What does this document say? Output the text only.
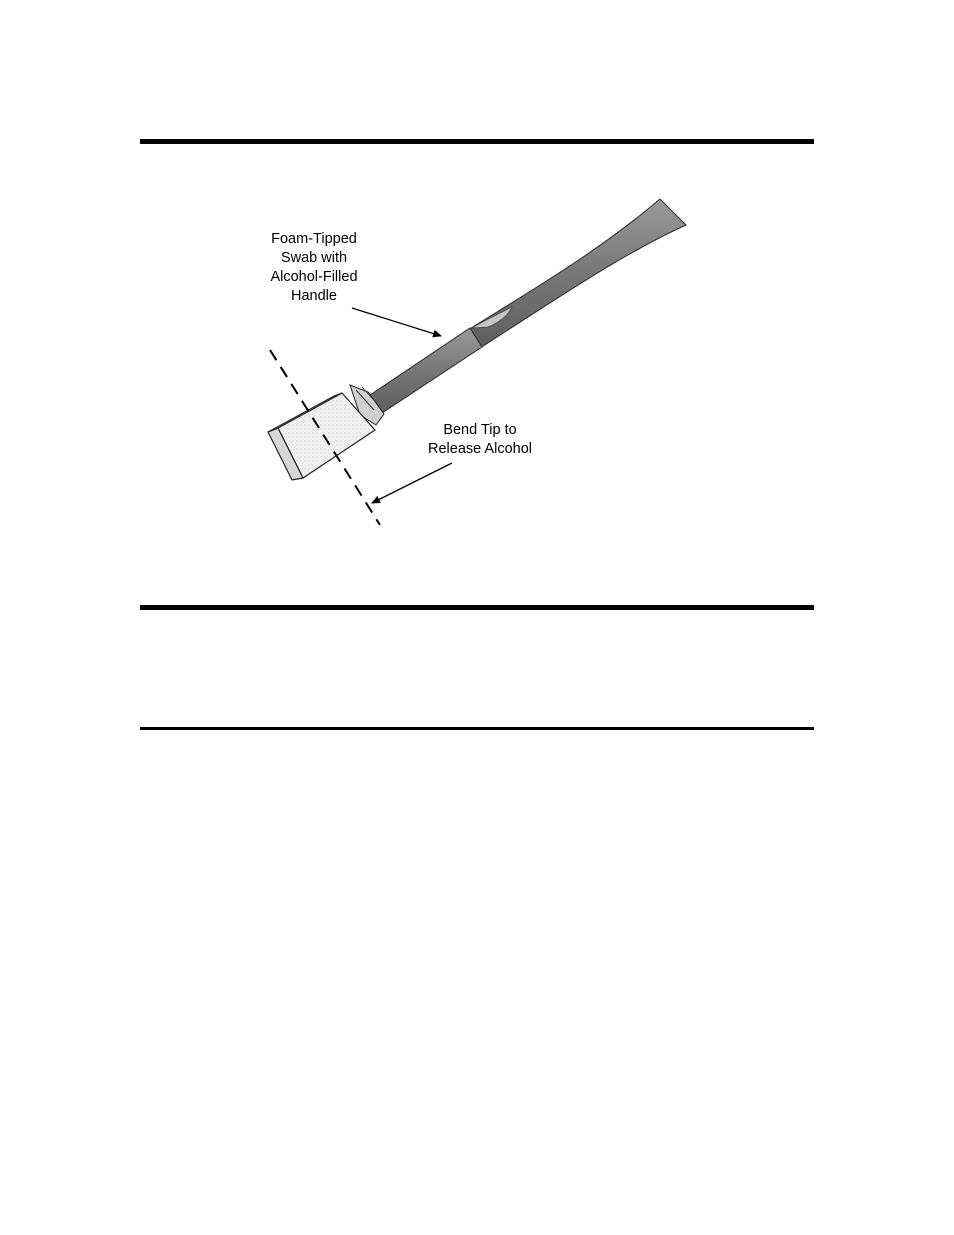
Foam-Tipped
Swab with
Alcohol-Filled
Handle
Bend Tip to
Release Alcohol
